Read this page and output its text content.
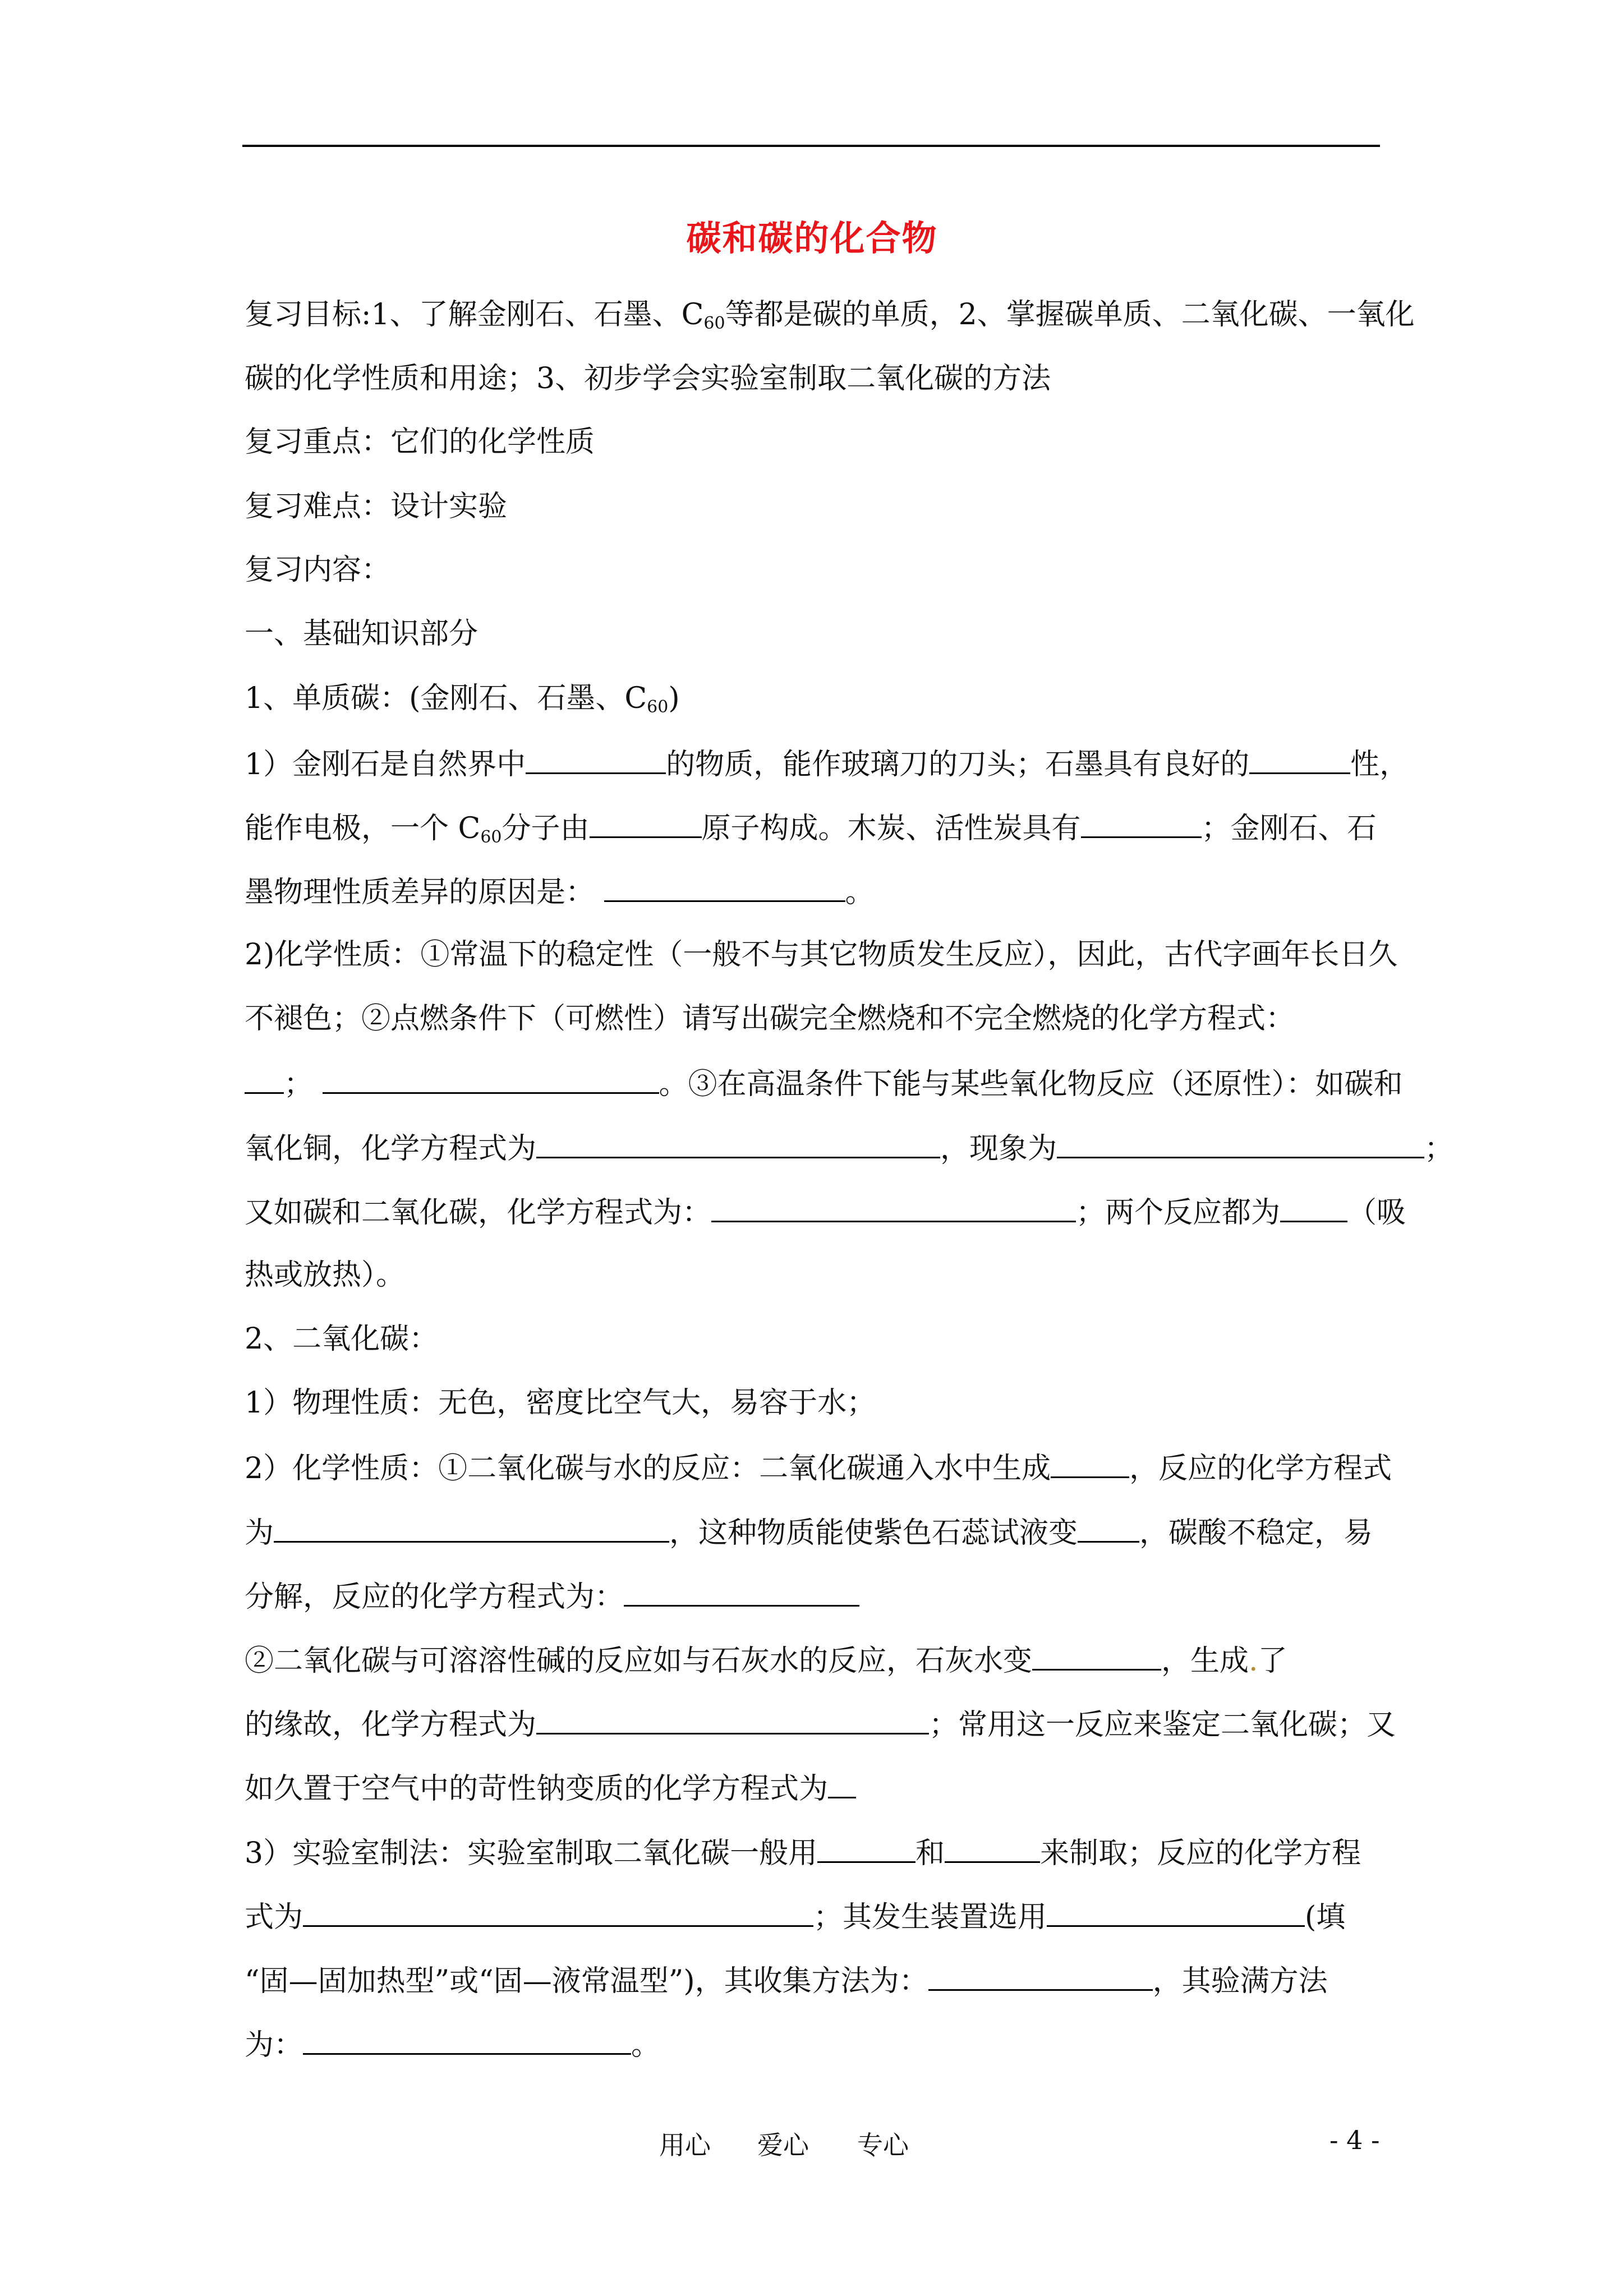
碳和碳的化合物
复习目标:1、了解金刚石、石墨、$C_{60}$等都是碳的单质，2、掌握碳单质、二氧化碳、一氧化
碳的化学性质和用途；3、初步学会实验室制取二氧化碳的方法
复习重点：它们的化学性质
复习难点：设计实验
复习内容：
一、基础知识部分
1、单质碳：(金刚石、石墨、$C_{60}$)
1）金刚石是自然界中	的物质，能作玻璃刀的刀头；石墨具有良好的	性，
能作电极，一个 $C_{60}$分子由	原子构成。木炭、活性炭具有	；金刚石、石
墨物理性质差异的原因是：	。
2)化学性质：①常温下的稳定性（一般不与其它物质发生反应），因此，古代字画年长日久
不褪色；②点燃条件下（可燃性）请写出碳完全燃烧和不完全燃烧的化学方程式：
；	。③在高温条件下能与某些氧化物反应（还原性）：如碳和
氧化铜，化学方程式为	，现象为	；
又如碳和二氧化碳，化学方程式为：	；两个反应都为 （吸
热或放热）。
2、二氧化碳：
1）物理性质：无色，密度比空气大，易容于水；
2）化学性质：①二氧化碳与水的反应：二氧化碳通入水中生成	，反应的化学方程式
为	，这种物质能使紫色石蕊试液变 ，碳酸不稳定，易
分解，反应的化学方程式为：
②二氧化碳与可溶溶性碱的反应如与石灰水的反应，石灰水变	，生成.了
的缘故，化学方程式为	；常用这一反应来鉴定二氧化碳；又
如久置于空气中的苛性钠变质的化学方程式为
3）实验室制法：实验室制取二氧化碳一般用	和	来制取；反应的化学方程
式为	；其发生装置选用	(填
“固—固加热型”或“固—液常温型”)，其收集方法为：	，其验满方法
为：	。
用心 爱心 专心	- 4 -
